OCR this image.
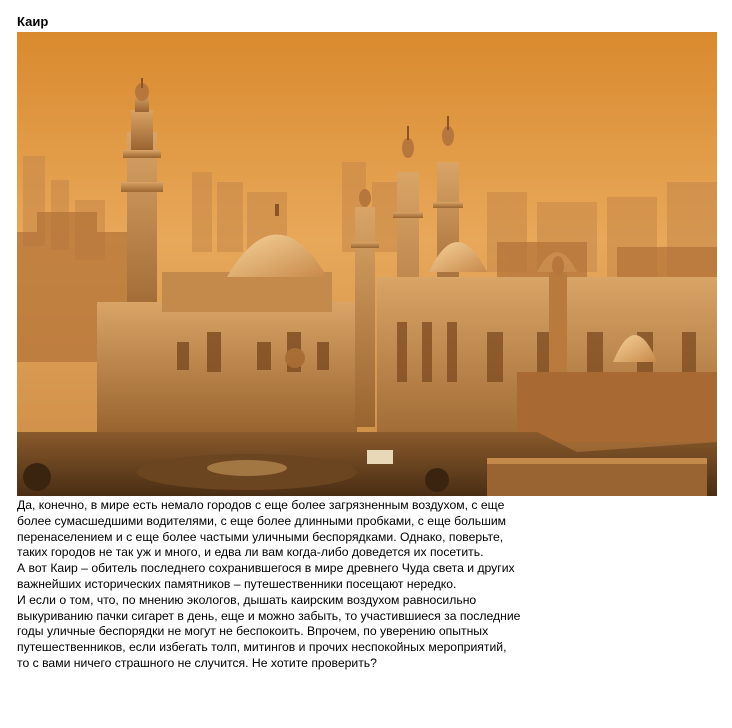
Каир

Да, конечно, в мире есть немало городов с еще более загрязненным воздухом, с еще более сумасшедшими водителями, с еще более длинными пробками, с еще большим перенаселением и с еще более частыми уличными беспорядками. Однако, поверьте, таких городов не так уж и много, и едва ли вам когда-либо доведется их посетить.

А вот Каир – обитель последнего сохранившегося в мире древнего Чуда света и других важнейших исторических памятников – путешественники посещают нередко.

И если о том, что, по мнению экологов, дышать каирским воздухом равносильно выкуриванию пачки сигарет в день, еще и можно забыть, то участившиеся за последние годы уличные беспорядки не могут не беспокоить. Впрочем, по уверению опытных путешественников, если избегать толп, митингов и прочих неспокойных мероприятий, то с вами ничего страшного не случится. Не хотите проверить?
